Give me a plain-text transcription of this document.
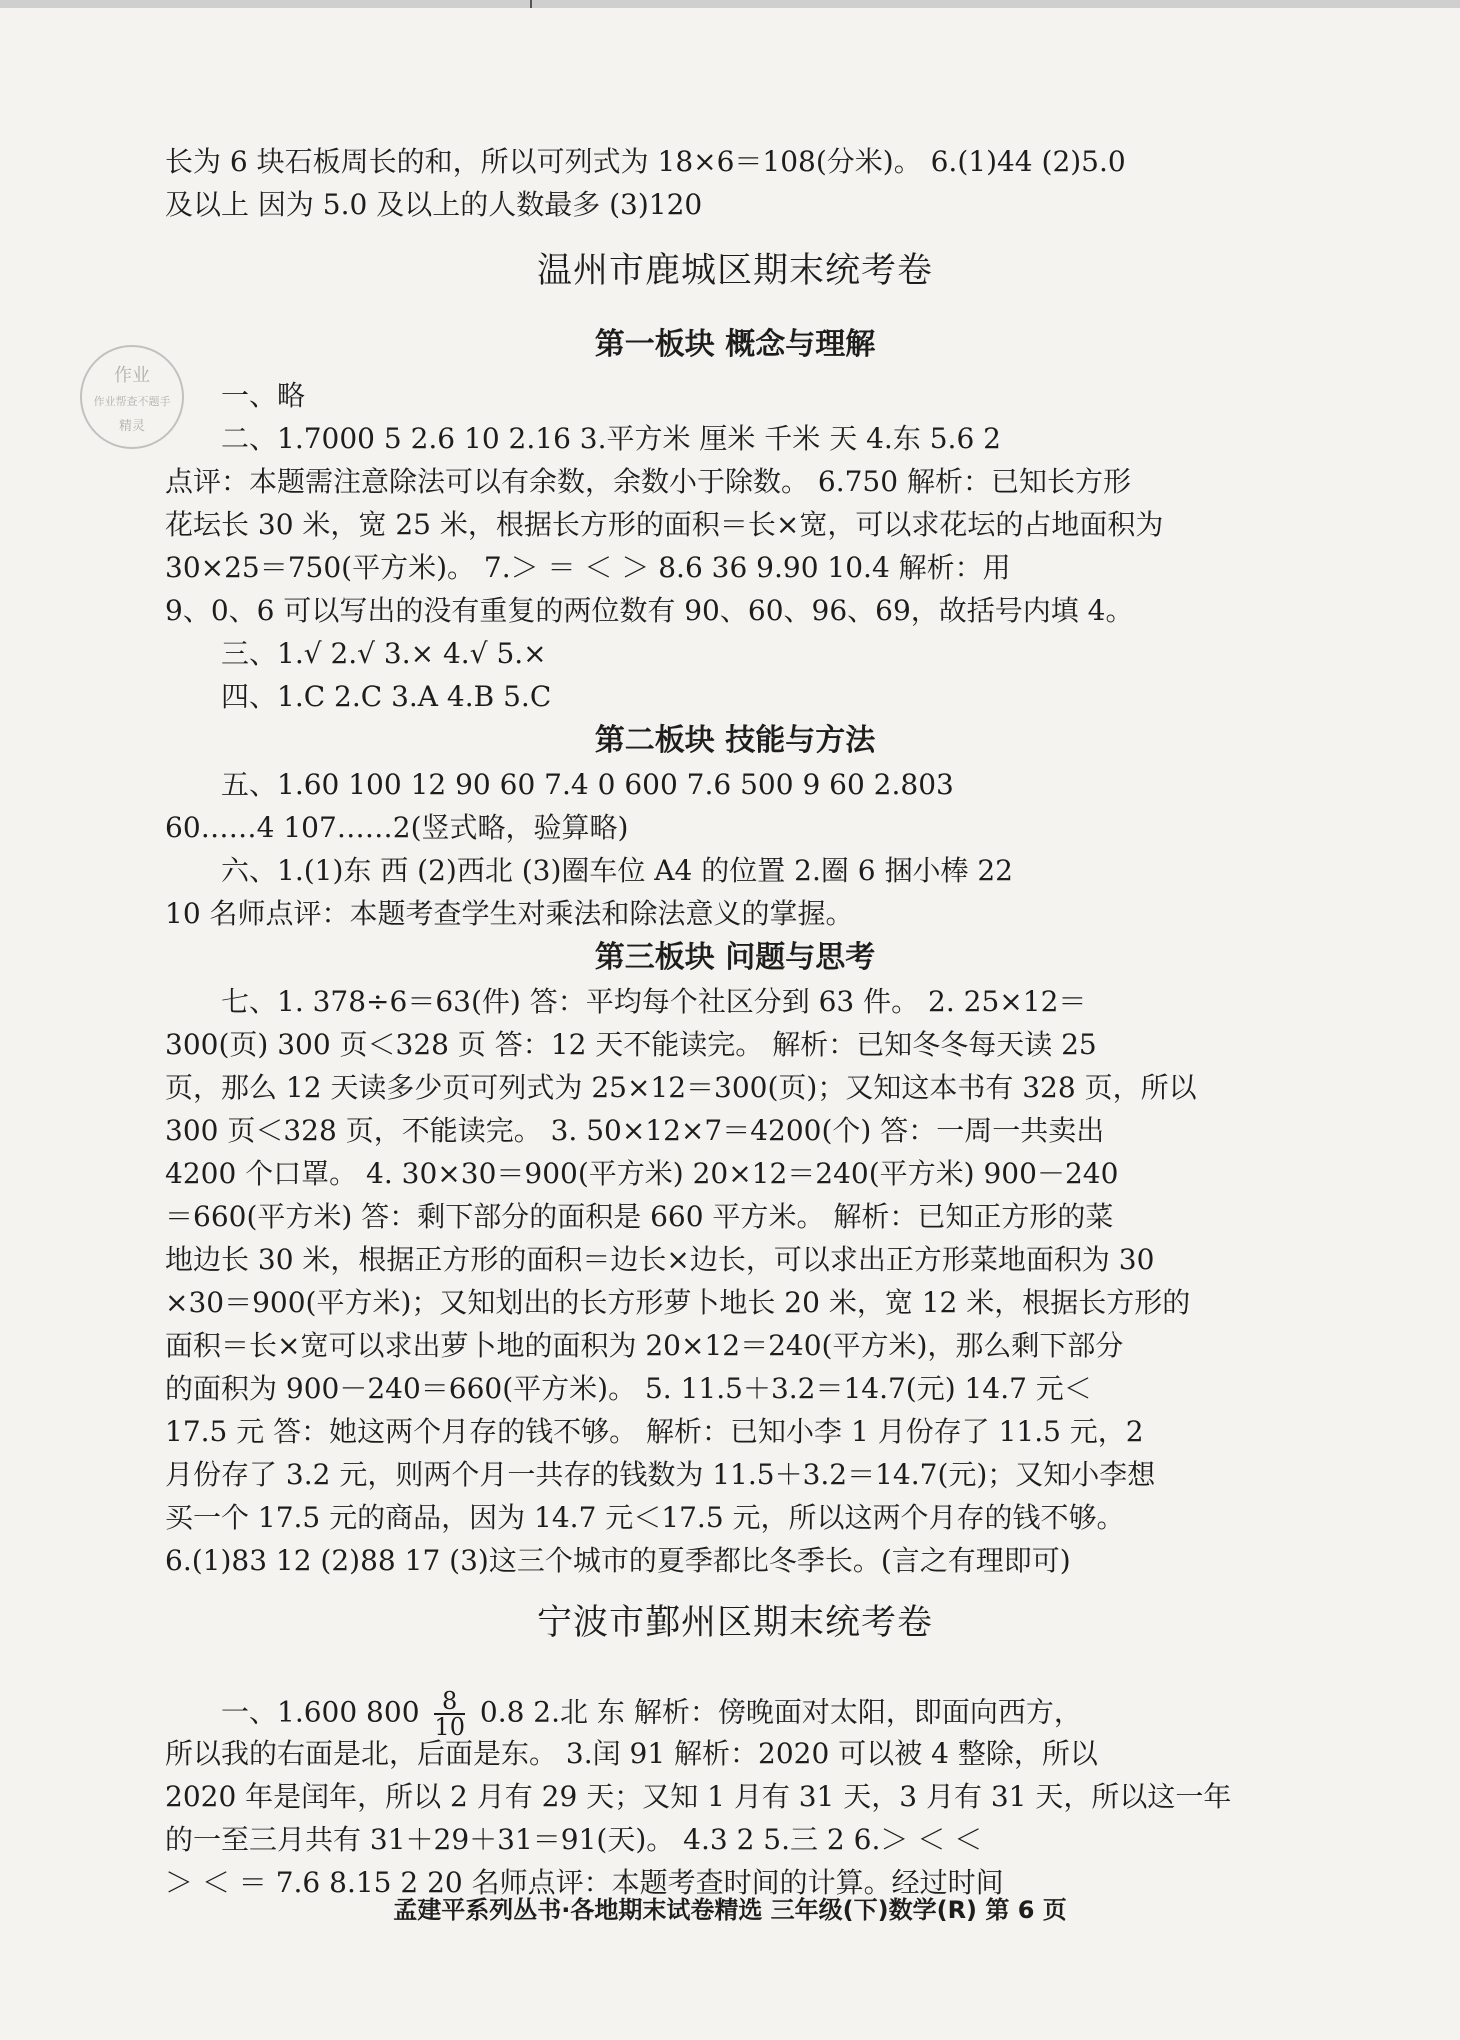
作业
作业帮查不题手
精灵
长为 6 块石板周长的和，所以可列式为 18×6＝108(分米)。 6.(1)44 (2)5.0
及以上 因为 5.0 及以上的人数最多 (3)120
温州市鹿城区期末统考卷
第一板块 概念与理解
一、略
二、1.7000 5 2.6 10 2.16 3.平方米 厘米 千米 天 4.东 5.6 2
点评：本题需注意除法可以有余数，余数小于除数。 6.750 解析：已知长方形
花坛长 30 米，宽 25 米，根据长方形的面积＝长×宽，可以求花坛的占地面积为
30×25＝750(平方米)。 7.＞ ＝ ＜ ＞ 8.6 36 9.90 10.4 解析：用
9、0、6 可以写出的没有重复的两位数有 90、60、96、69，故括号内填 4。
三、1.√ 2.√ 3.× 4.√ 5.×
四、1.C 2.C 3.A 4.B 5.C
第二板块 技能与方法
五、1.60 100 12 90 60 7.4 0 600 7.6 500 9 60 2.803
60……4 107……2(竖式略，验算略)
六、1.(1)东 西 (2)西北 (3)圈车位 A4 的位置 2.圈 6 捆小棒 22
10 名师点评：本题考查学生对乘法和除法意义的掌握。
第三板块 问题与思考
七、1. 378÷6＝63(件) 答：平均每个社区分到 63 件。 2. 25×12＝
300(页) 300 页＜328 页 答：12 天不能读完。 解析：已知冬冬每天读 25
页，那么 12 天读多少页可列式为 25×12＝300(页)；又知这本书有 328 页，所以
300 页＜328 页，不能读完。 3. 50×12×7＝4200(个) 答：一周一共卖出
4200 个口罩。 4. 30×30＝900(平方米) 20×12＝240(平方米) 900－240
＝660(平方米) 答：剩下部分的面积是 660 平方米。 解析：已知正方形的菜
地边长 30 米，根据正方形的面积＝边长×边长，可以求出正方形菜地面积为 30
×30＝900(平方米)；又知划出的长方形萝卜地长 20 米，宽 12 米，根据长方形的
面积＝长×宽可以求出萝卜地的面积为 20×12＝240(平方米)，那么剩下部分
的面积为 900－240＝660(平方米)。 5. 11.5＋3.2＝14.7(元) 14.7 元＜
17.5 元 答：她这两个月存的钱不够。 解析：已知小李 1 月份存了 11.5 元，2
月份存了 3.2 元，则两个月一共存的钱数为 11.5＋3.2＝14.7(元)；又知小李想
买一个 17.5 元的商品，因为 14.7 元＜17.5 元，所以这两个月存的钱不够。
6.(1)83 12 (2)88 17 (3)这三个城市的夏季都比冬季长。(言之有理即可)
宁波市鄞州区期末统考卷
一、1.600 $800 \frac{8}{10} 0.8$ 2.北 东 解析：傍晚面对太阳，即面向西方，
所以我的右面是北，后面是东。 3.闰 91 解析：2020 可以被 4 整除，所以
2020 年是闰年，所以 2 月有 29 天；又知 1 月有 31 天，3 月有 31 天，所以这一年
的一至三月共有 31＋29＋31＝91(天)。 4.3 2 5.三 2 6.＞ ＜ ＜
＞ ＜ ＝ 7.6 8.15 2 20 名师点评：本题考查时间的计算。经过时间
孟建平系列丛书·各地期末试卷精选 三年级(下)数学(R) 第 6 页
